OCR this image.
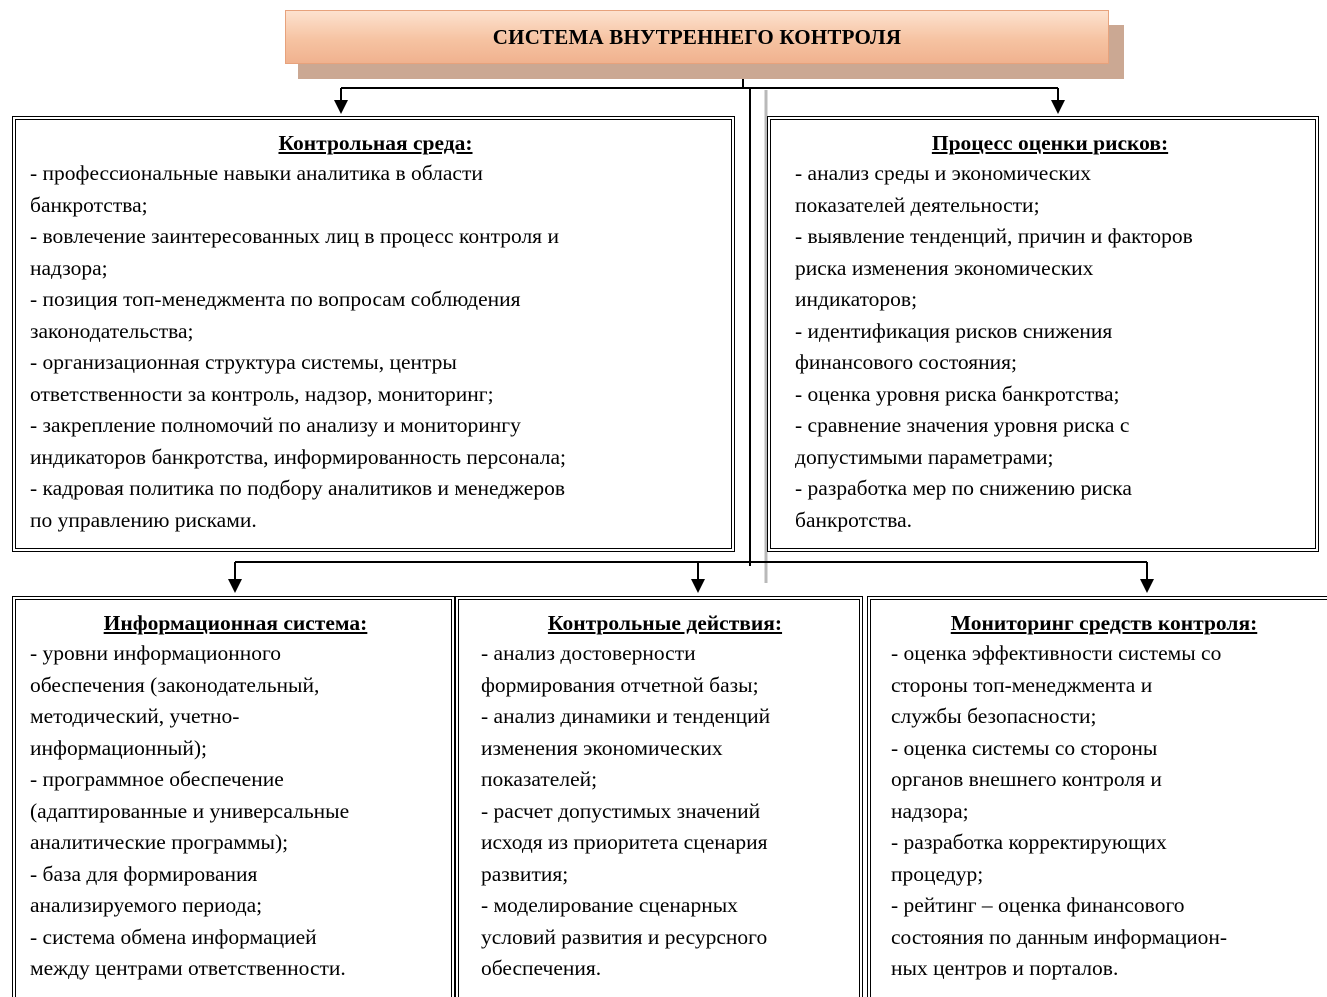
СИСТЕМА ВНУТРЕННЕГО КОНТРОЛЯ
Контрольная среда:
- профессиональные навыки аналитика в области
банкротства;
- вовлечение заинтересованных лиц в процесс контроля и
надзора;
- позиция топ-менеджмента по вопросам соблюдения
законодательства;
- организационная структура системы, центры
ответственности за контроль, надзор, мониторинг;
- закрепление полномочий по анализу и мониторингу
индикаторов банкротства, информированность персонала;
- кадровая политика по подбору аналитиков и менеджеров
по управлению рисками.
Процесс оценки рисков:
- анализ среды и экономических
показателей деятельности;
- выявление тенденций, причин и факторов
риска изменения экономических
индикаторов;
- идентификация рисков снижения
финансового состояния;
- оценка уровня риска банкротства;
- сравнение значения уровня риска с
допустимыми параметрами;
- разработка мер по снижению риска
банкротства.
Информационная система:
- уровни информационного
обеспечения (законодательный,
методический, учетно-
информационный);
- программное обеспечение
(адаптированные и универсальные
аналитические программы);
- база для формирования
анализируемого периода;
- система обмена информацией
между центрами ответственности.
Контрольные действия:
- анализ достоверности
формирования отчетной базы;
- анализ динамики и тенденций
изменения экономических
показателей;
- расчет допустимых значений
исходя из приоритета сценария
развития;
- моделирование сценарных
условий развития и ресурсного
обеспечения.
Мониторинг средств контроля:
- оценка эффективности системы со
стороны топ-менеджмента и
службы безопасности;
- оценка системы со стороны
органов внешнего контроля и
надзора;
- разработка корректирующих
процедур;
- рейтинг – оценка финансового
состояния по данным информацион-
ных центров и порталов.
